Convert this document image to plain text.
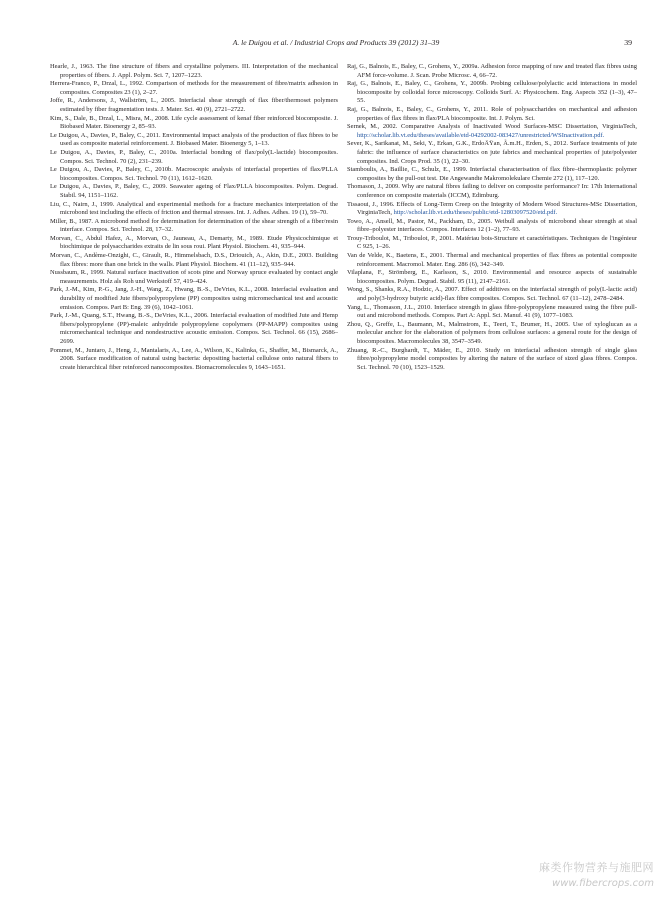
A. le Duigou et al. / Industrial Crops and Products 39 (2012) 31–39	39

Hearle, J., 1963. The fine structure of fibers and crystalline polymers. III. Interpretation of the mechanical properties of fibers. J. Appl. Polym. Sci. 7, 1207–1223.

Herrera-Franco, P., Drzal, L., 1992. Comparison of methods for the measurement of fibre/matrix adhesion in composites. Composites 23 (1), 2–27.

Joffe, R., Andersons, J., Wallström, L., 2005. Interfacial shear strength of flax fiber/thermoset polymers estimated by fiber fragmentation tests. J. Mater. Sci. 40 (9), 2721–2722.

Kim, S., Dale, B., Drzal, L., Misra, M., 2008. Life cycle assessment of kenaf fiber reinforced biocomposite. J. Biobased Mater. Bioenergy 2, 85–93.

Le Duigou, A., Davies, P., Baley, C., 2011. Environmental impact analysis of the production of flax fibres to be used as composite material reinforcement. J. Biobased Mater. Bioenergy 5, 1–13.

Le Duigou, A., Davies, P., Baley, C., 2010a. Interfacial bonding of flax/poly(L-lactide) biocomposites. Compos. Sci. Technol. 70 (2), 231–239.

Le Duigou, A., Davies, P., Baley, C., 2010b. Macroscopic analysis of interfacial properties of flax/PLLA biocomposites. Compos. Sci. Technol. 70 (11), 1612–1620.

Le Duigou, A., Davies, P., Baley, C., 2009. Seawater ageing of Flax/PLLA biocomposites. Polym. Degrad. Stabil. 94, 1151–1162.

Liu, C., Nairn, J., 1999. Analytical and experimental methods for a fracture mechanics interpretation of the microbond test including the effects of friction and thermal stresses. Int. J. Adhes. Adhes. 19 (1), 59–70.

Miller, B., 1987. A microbond method for determination for determination of the shear strength of a fiber/resin interface. Compos. Sci. Technol. 28, 17–32.

Morvan, C., Abdul Hafez, A., Morvan, O., Jauneau, A., Demarty, M., 1989. Etude Physicochimique et biochimique de polysaccharides extraits de lin sous roui. Plant Physiol. Biochem. 41, 935–944.

Morvan, C., Andème-Onzighi, C., Girault, R., Himmelsbach, D.S., Driouich, A., Akin, D.E., 2003. Building flax fibres: more than one brick in the walls. Plant Physiol. Biochem. 41 (11–12), 935–944.

Nussbaum, R., 1999. Natural surface inactivation of scots pine and Norway spruce evaluated by contact angle measurements. Holz als Roh und Werkstoff 57, 419–424.

Park, J.-M., Kim, P.-G., Jang, J.-H., Wang, Z., Hwang, B.-S., DeVries, K.L., 2008. Interfacial evaluation and durability of modified Jute fibers/polypropylene (PP) composites using micromechanical test and acoustic emission. Compos. Part B: Eng. 39 (6), 1042–1061.

Park, J.-M., Quang, S.T., Hwang, B.-S., DeVries, K.L., 2006. Interfacial evaluation of modified Jute and Hemp fibers/polypropylene (PP)-maleic anhydride polypropylene copolymers (PP-MAPP) composites using micromechanical technique and nondestructive acoustic emission. Compos. Sci. Technol. 66 (15), 2686–2699.

Pommet, M., Juntaro, J., Heng, J., Mantalaris, A., Lee, A., Wilson, K., Kalinka, G., Shaffer, M., Bismarck, A., 2008. Surface modification of natural using bacteria: depositing bacterial cellulose onto natural fibers to create hierarchical fiber reinforced nanocomposites. Biomacromolecules 9, 1643–1651.

Raj, G., Balnois, E., Baley, C., Grohens, Y., 2009a. Adhesion force mapping of raw and treated flax fibres using AFM force-volume. J. Scan. Probe Microsc. 4, 66–72.

Raj, G., Balnois, E., Baley, C., Grohens, Y., 2009b. Probing cellulose/polylactic acid interactions in model biocomposite by colloidal force microscopy. Colloids Surf. A: Physicochem. Eng. Aspects 352 (1–3), 47–55.

Raj, G., Balnois, E., Baley, C., Grohens, Y., 2011. Role of polysaccharides on mechanical and adhesion properties of flax fibres in flax/PLA biocomposite. Int. J. Polym. Sci.

Sernek, M., 2002. Comparative Analysis of Inactivated Wood Surfaces-MSC Dissertation, VirginiaTech, http://scholar.lib.vt.edu/theses/available/etd-04292002-083427/unrestricted/WSInactivation.pdf.

Sever, K., Sarikanat, M., Seki, Y., Erkan, G.K., ErdoÄŸan, Ã.m.H., Erden, S., 2012. Surface treatments of jute fabric: the influence of surface characteristics on jute fabrics and mechanical properties of jute/polyester composites. Ind. Crops Prod. 35 (1), 22–30.

Stamboulis, A., Baillie, C., Schulz, E., 1999. Interfacial characterisation of flax fibre–thermoplastic polymer composites by the pull-out test. Die Angewandte Makromolekulare Chemie 272 (1), 117–120.

Thomason, J., 2009. Why are natural fibres failing to deliver on composite performance? In: 17th International conference on composite materials (ICCM), Edimburg.

Tissaoui, J., 1996. Effects of Long-Term Creep on the Integrity of Modern Wood Structures-MSc Dissertation, VirginiaTech, http://scholar.lib.vt.edu/theses/public/etd-12803097520/etd.pdf.

Towo, A., Ansell, M., Pastor, M., Packham, D., 2005. Weibull analysis of microbond shear strength at sisal fibre–polyester interfaces. Compos. Interfaces 12 (1–2), 77–93.

Trouy-Triboulot, M., Triboulot, P., 2001. Matériau bois-Structure et caractéristiques. Techniques de l'ingénieur C 925, 1–26.

Van de Velde, K., Baetens, E., 2001. Thermal and mechanical properties of flax fibres as potential composite reinforcement. Macromol. Mater. Eng. 286 (6), 342–349.

Vilaplana, F., Strömberg, E., Karlsson, S., 2010. Environmental and resource aspects of sustainable biocomposites. Polym. Degrad. Stabil. 95 (11), 2147–2161.

Wong, S., Shanks, R.A., Hodzic, A., 2007. Effect of additives on the interfacial strength of poly(L-lactic acid) and poly(3-hydroxy butyric acid)-flax fibre composites. Compos. Sci. Technol. 67 (11–12), 2478–2484.

Yang, L., Thomason, J.L., 2010. Interface strength in glass fibre-polypropylene measured using the fibre pull-out and microbond methods. Compos. Part A: Appl. Sci. Manuf. 41 (9), 1077–1083.

Zhou, Q., Greffe, L., Baumann, M., Malmstrom, E., Teeri, T., Brumer, H., 2005. Use of xyloglucan as a molecular anchor for the elaboration of polymers from cellulose surfaces: a general route for the design of biocomposites. Macromolecules 38, 3547–3549.

Zhuang, R.-C., Burghardt, T., Mäder, E., 2010. Study on interfacial adhesion strength of single glass fibre/polypropylene model composites by altering the nature of the surface of sized glass fibres. Compos. Sci. Technol. 70 (10), 1523–1529.

麻类作物营养与施肥网
www.fibercrops.com
